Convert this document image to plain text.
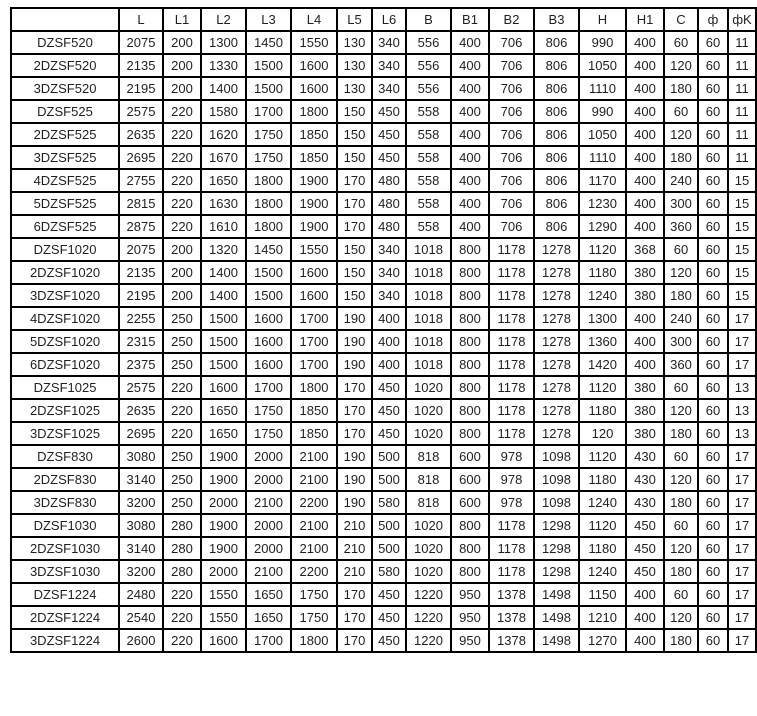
	L	L1	L2	L3	L4	L5	L6	B	B1	B2	B3	H	H1	C	ф	фK
DZSF520	2075	200	1300	1450	1550	130	340	556	400	706	806	990	400	60	60	11
2DZSF520	2135	200	1330	1500	1600	130	340	556	400	706	806	1050	400	120	60	11
3DZSF520	2195	200	1400	1500	1600	130	340	556	400	706	806	1110	400	180	60	11
DZSF525	2575	220	1580	1700	1800	150	450	558	400	706	806	990	400	60	60	11
2DZSF525	2635	220	1620	1750	1850	150	450	558	400	706	806	1050	400	120	60	11
3DZSF525	2695	220	1670	1750	1850	150	450	558	400	706	806	1110	400	180	60	11
4DZSF525	2755	220	1650	1800	1900	170	480	558	400	706	806	1170	400	240	60	15
5DZSF525	2815	220	1630	1800	1900	170	480	558	400	706	806	1230	400	300	60	15
6DZSF525	2875	220	1610	1800	1900	170	480	558	400	706	806	1290	400	360	60	15
DZSF1020	2075	200	1320	1450	1550	150	340	1018	800	1178	1278	1120	368	60	60	15
2DZSF1020	2135	200	1400	1500	1600	150	340	1018	800	1178	1278	1180	380	120	60	15
3DZSF1020	2195	200	1400	1500	1600	150	340	1018	800	1178	1278	1240	380	180	60	15
4DZSF1020	2255	250	1500	1600	1700	190	400	1018	800	1178	1278	1300	400	240	60	17
5DZSF1020	2315	250	1500	1600	1700	190	400	1018	800	1178	1278	1360	400	300	60	17
6DZSF1020	2375	250	1500	1600	1700	190	400	1018	800	1178	1278	1420	400	360	60	17
DZSF1025	2575	220	1600	1700	1800	170	450	1020	800	1178	1278	1120	380	60	60	13
2DZSF1025	2635	220	1650	1750	1850	170	450	1020	800	1178	1278	1180	380	120	60	13
3DZSF1025	2695	220	1650	1750	1850	170	450	1020	800	1178	1278	120	380	180	60	13
DZSF830	3080	250	1900	2000	2100	190	500	818	600	978	1098	1120	430	60	60	17
2DZSF830	3140	250	1900	2000	2100	190	500	818	600	978	1098	1180	430	120	60	17
3DZSF830	3200	250	2000	2100	2200	190	580	818	600	978	1098	1240	430	180	60	17
DZSF1030	3080	280	1900	2000	2100	210	500	1020	800	1178	1298	1120	450	60	60	17
2DZSF1030	3140	280	1900	2000	2100	210	500	1020	800	1178	1298	1180	450	120	60	17
3DZSF1030	3200	280	2000	2100	2200	210	580	1020	800	1178	1298	1240	450	180	60	17
DZSF1224	2480	220	1550	1650	1750	170	450	1220	950	1378	1498	1150	400	60	60	17
2DZSF1224	2540	220	1550	1650	1750	170	450	1220	950	1378	1498	1210	400	120	60	17
3DZSF1224	2600	220	1600	1700	1800	170	450	1220	950	1378	1498	1270	400	180	60	17
